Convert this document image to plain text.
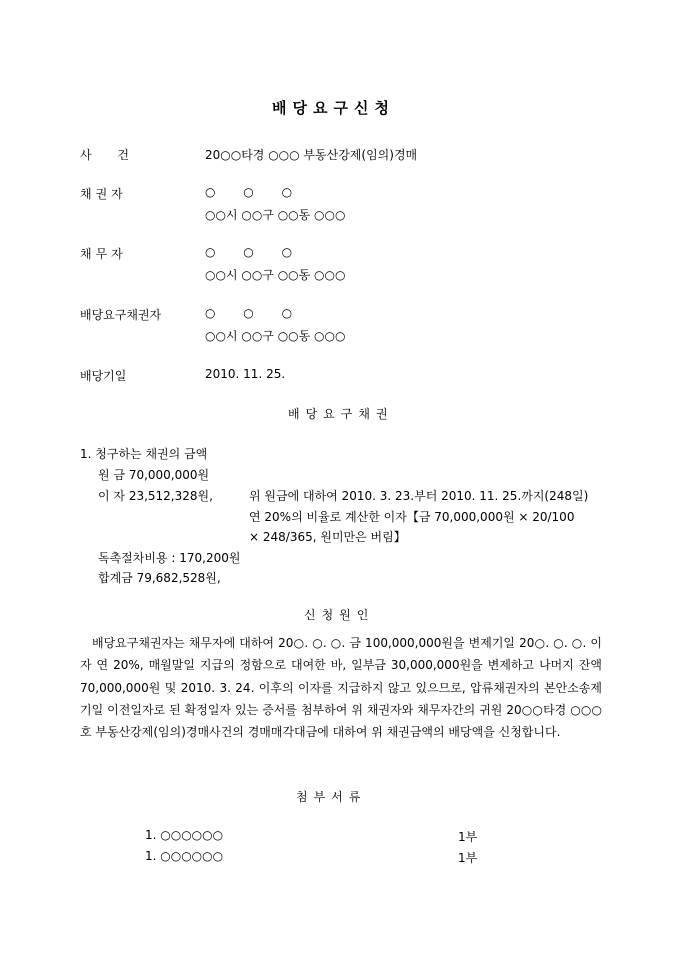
배당요구신청
사 건	20○○타경 ○○○ 부동산강제(임의)경매
채권자	○ ○ ○
○○시 ○○구 ○○동 ○○○
채무자	○ ○ ○
○○시 ○○구 ○○동 ○○○
배당요구채권자	○ ○ ○
○○시 ○○구 ○○동 ○○○
배당기일	2010. 11. 25.
배당요구채권
1. 청구하는 채권의 금액
원 금 70,000,000원
이 자 23,512,328원,	위 원금에 대하여 2010. 3. 23.부터 2010. 11. 25.까지(248일)
연 20%의 비율로 계산한 이자【금 70,000,000원 × 20/100
× 248/365, 원미만은 버림】
독촉절차비용 : 170,200원
합계금 79,682,528원,
신청원인
배당요구채권자는 채무자에 대하여 20○. ○. ○. 금 100,000,000원을 변제기일 20○. ○. ○. 이자 연 20%, 매월말일 지급의 정함으로 대여한 바, 일부금 30,000,000원을 변제하고 나머지 잔액 70,000,000원 및 2010. 3. 24. 이후의 이자를 지급하지 않고 있으므로, 압류채권자의 본안소송제기일 이전일자로 된 확정일자 있는 증서를 첨부하여 위 채권자와 채무자간의 귀원 20○○타경 ○○○호 부동산강제(임의)경매사건의 경매매각대금에 대하여 위 채권금액의 배당액을 신청합니다.
첨부서류
1. ○○○○○○	1부
1. ○○○○○○	1부
